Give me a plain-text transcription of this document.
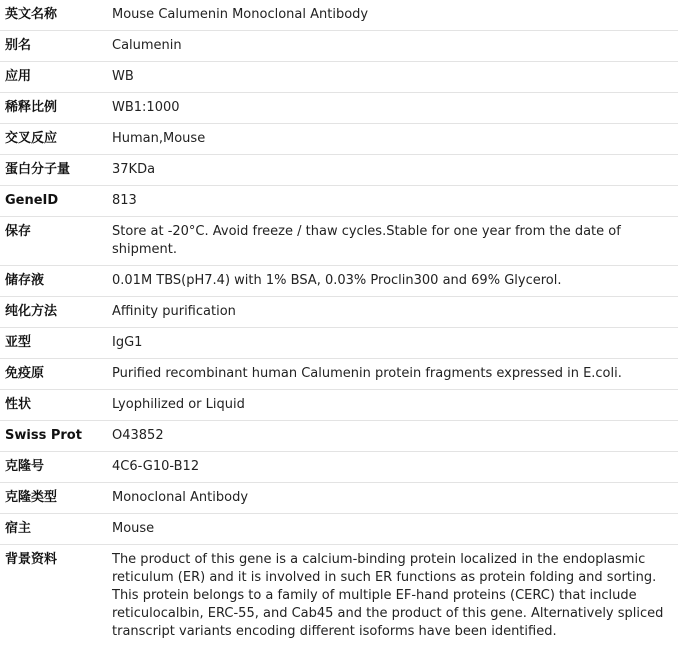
英文名称	Mouse Calumenin Monoclonal Antibody
别名	Calumenin
应用	WB
稀释比例	WB1:1000
交叉反应	Human,Mouse
蛋白分子量	37KDa
GeneID	813
保存	Store at -20°C. Avoid freeze / thaw cycles.Stable for one year from the date of shipment.
储存液	0.01M TBS(pH7.4) with 1% BSA, 0.03% Proclin300 and 69% Glycerol.
纯化方法	Affinity purification
亚型	IgG1
免疫原	Purified recombinant human Calumenin protein fragments expressed in E.coli.
性状	Lyophilized or Liquid
Swiss Prot	O43852
克隆号	4C6-G10-B12
克隆类型	Monoclonal Antibody
宿主	Mouse
背景资料	The product of this gene is a calcium-binding protein localized in the endoplasmic reticulum (ER) and it is involved in such ER functions as protein folding and sorting. This protein belongs to a family of multiple EF-hand proteins (CERC) that include reticulocalbin, ERC-55, and Cab45 and the product of this gene. Alternatively spliced transcript variants encoding different isoforms have been identified.
